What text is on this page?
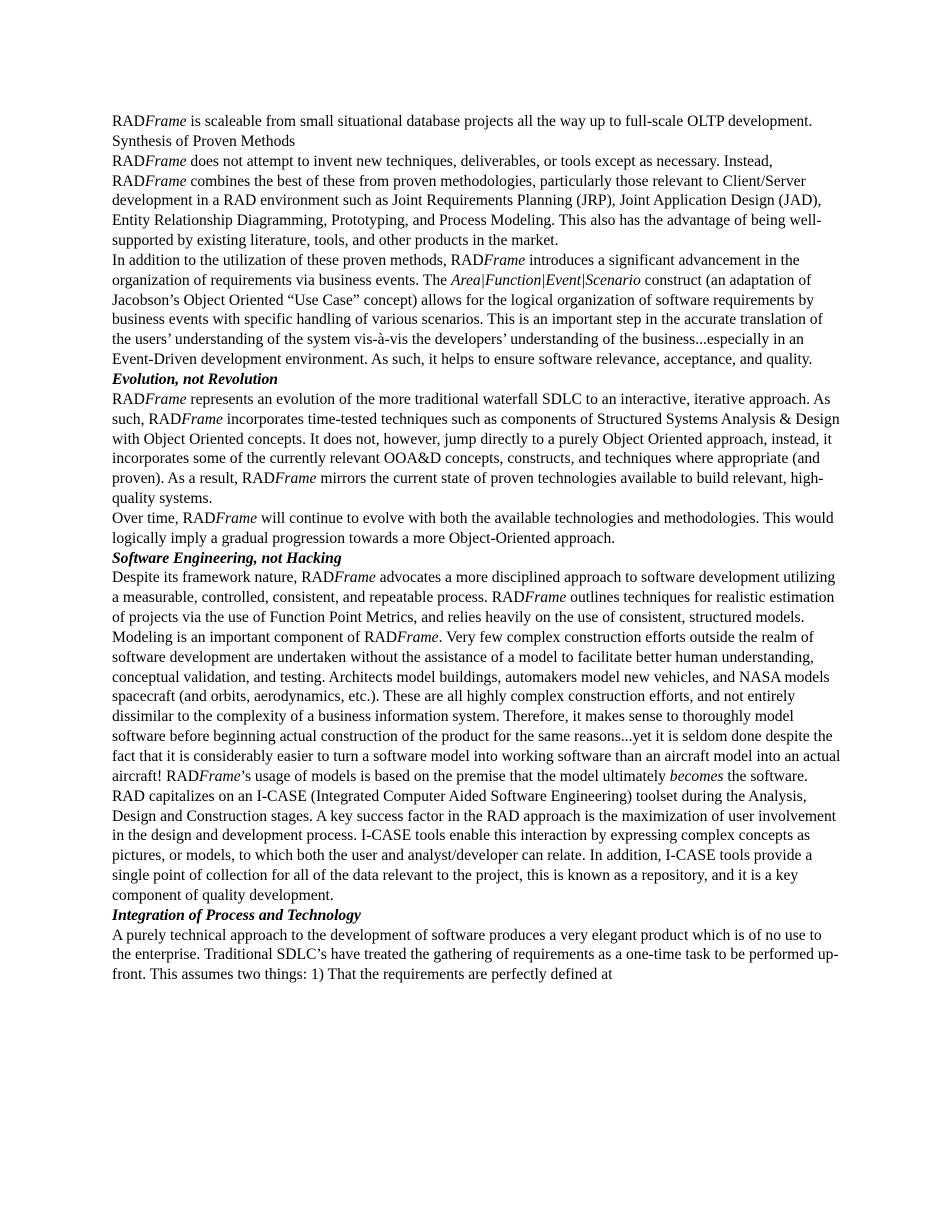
RADFrame is scaleable from small situational database projects all the way up to full-scale OLTP development.

Synthesis of Proven Methods

RADFrame does not attempt to invent new techniques, deliverables, or tools except as necessary. Instead, RADFrame combines the best of these from proven methodologies, particularly those relevant to Client/Server development in a RAD environment such as Joint Requirements Planning (JRP), Joint Application Design (JAD), Entity Relationship Diagramming, Prototyping, and Process Modeling. This also has the advantage of being well-supported by existing literature, tools, and other products in the market.

In addition to the utilization of these proven methods, RADFrame introduces a significant advancement in the organization of requirements via business events. The Area|Function|Event|Scenario construct (an adaptation of Jacobson’s Object Oriented “Use Case” concept) allows for the logical organization of software requirements by business events with specific handling of various scenarios. This is an important step in the accurate translation of the users’ understanding of the system vis-à-vis the developers’ understanding of the business...especially in an Event-Driven development environment. As such, it helps to ensure software relevance, acceptance, and quality.

Evolution, not Revolution

RADFrame represents an evolution of the more traditional waterfall SDLC to an interactive, iterative approach. As such, RADFrame incorporates time-tested techniques such as components of Structured Systems Analysis & Design with Object Oriented concepts. It does not, however, jump directly to a purely Object Oriented approach, instead, it incorporates some of the currently relevant OOA&D concepts, constructs, and techniques where appropriate (and proven). As a result, RADFrame mirrors the current state of proven technologies available to build relevant, high-quality systems.

Over time, RADFrame will continue to evolve with both the available technologies and methodologies. This would logically imply a gradual progression towards a more Object-Oriented approach.

Software Engineering, not Hacking

Despite its framework nature, RADFrame advocates a more disciplined approach to software development utilizing a measurable, controlled, consistent, and repeatable process. RADFrame outlines techniques for realistic estimation of projects via the use of Function Point Metrics, and relies heavily on the use of consistent, structured models.

Modeling is an important component of RADFrame. Very few complex construction efforts outside the realm of software development are undertaken without the assistance of a model to facilitate better human understanding, conceptual validation, and testing. Architects model buildings, automakers model new vehicles, and NASA models spacecraft (and orbits, aerodynamics, etc.). These are all highly complex construction efforts, and not entirely dissimilar to the complexity of a business information system. Therefore, it makes sense to thoroughly model software before beginning actual construction of the product for the same reasons...yet it is seldom done despite the fact that it is considerably easier to turn a software model into working software than an aircraft model into an actual aircraft! RADFrame’s usage of models is based on the premise that the model ultimately becomes the software.

RAD capitalizes on an I-CASE (Integrated Computer Aided Software Engineering) toolset during the Analysis, Design and Construction stages. A key success factor in the RAD approach is the maximization of user involvement in the design and development process. I-CASE tools enable this interaction by expressing complex concepts as pictures, or models, to which both the user and analyst/developer can relate. In addition, I-CASE tools provide a single point of collection for all of the data relevant to the project, this is known as a repository, and it is a key component of quality development.

Integration of Process and Technology

A purely technical approach to the development of software produces a very elegant product which is of no use to the enterprise. Traditional SDLC’s have treated the gathering of requirements as a one-time task to be performed up-front. This assumes two things: 1) That the requirements are perfectly defined at
